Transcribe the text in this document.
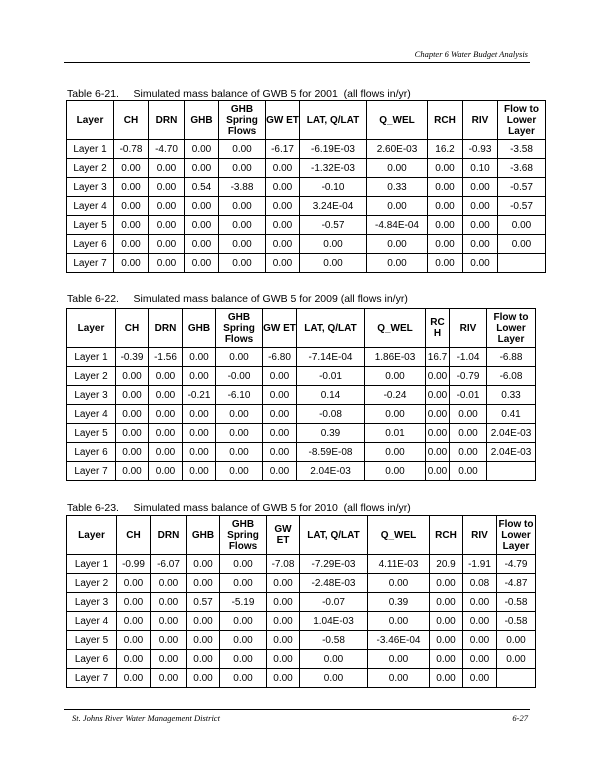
Chapter 6 Water Budget Analysis
Table 6-21.     Simulated mass balance of GWB 5 for 2001  (all flows in/yr)
Layer	CH	DRN	GHB	GHB Spring Flows	GW ET	LAT, Q/LAT	Q_WEL	RCH	RIV	Flow to Lower Layer
Layer 1	-0.78	-4.70	0.00	0.00	-6.17	-6.19E-03	2.60E-03	16.2	-0.93	-3.58
Layer 2	0.00	0.00	0.00	0.00	0.00	-1.32E-03	0.00	0.00	0.10	-3.68
Layer 3	0.00	0.00	0.54	-3.88	0.00	-0.10	0.33	0.00	0.00	-0.57
Layer 4	0.00	0.00	0.00	0.00	0.00	3.24E-04	0.00	0.00	0.00	-0.57
Layer 5	0.00	0.00	0.00	0.00	0.00	-0.57	-4.84E-04	0.00	0.00	0.00
Layer 6	0.00	0.00	0.00	0.00	0.00	0.00	0.00	0.00	0.00	0.00
Layer 7	0.00	0.00	0.00	0.00	0.00	0.00	0.00	0.00	0.00	
Table 6-22.     Simulated mass balance of GWB 5 for 2009 (all flows in/yr)
Layer	CH	DRN	GHB	GHB Spring Flows	GW ET	LAT, Q/LAT	Q_WEL	RC H	RIV	Flow to Lower Layer
Layer 1	-0.39	-1.56	0.00	0.00	-6.80	-7.14E-04	1.86E-03	16.7	-1.04	-6.88
Layer 2	0.00	0.00	0.00	-0.00	0.00	-0.01	0.00	0.00	-0.79	-6.08
Layer 3	0.00	0.00	-0.21	-6.10	0.00	0.14	-0.24	0.00	-0.01	0.33
Layer 4	0.00	0.00	0.00	0.00	0.00	-0.08	0.00	0.00	0.00	0.41
Layer 5	0.00	0.00	0.00	0.00	0.00	0.39	0.01	0.00	0.00	2.04E-03
Layer 6	0.00	0.00	0.00	0.00	0.00	-8.59E-08	0.00	0.00	0.00	2.04E-03
Layer 7	0.00	0.00	0.00	0.00	0.00	2.04E-03	0.00	0.00	0.00	
Table 6-23.     Simulated mass balance of GWB 5 for 2010  (all flows in/yr)
Layer	CH	DRN	GHB	GHB Spring Flows	GW ET	LAT, Q/LAT	Q_WEL	RCH	RIV	Flow to Lower Layer
Layer 1	-0.99	-6.07	0.00	0.00	-7.08	-7.29E-03	4.11E-03	20.9	-1.91	-4.79
Layer 2	0.00	0.00	0.00	0.00	0.00	-2.48E-03	0.00	0.00	0.08	-4.87
Layer 3	0.00	0.00	0.57	-5.19	0.00	-0.07	0.39	0.00	0.00	-0.58
Layer 4	0.00	0.00	0.00	0.00	0.00	1.04E-03	0.00	0.00	0.00	-0.58
Layer 5	0.00	0.00	0.00	0.00	0.00	-0.58	-3.46E-04	0.00	0.00	0.00
Layer 6	0.00	0.00	0.00	0.00	0.00	0.00	0.00	0.00	0.00	0.00
Layer 7	0.00	0.00	0.00	0.00	0.00	0.00	0.00	0.00	0.00	
St. Johns River Water Management District	6-27
